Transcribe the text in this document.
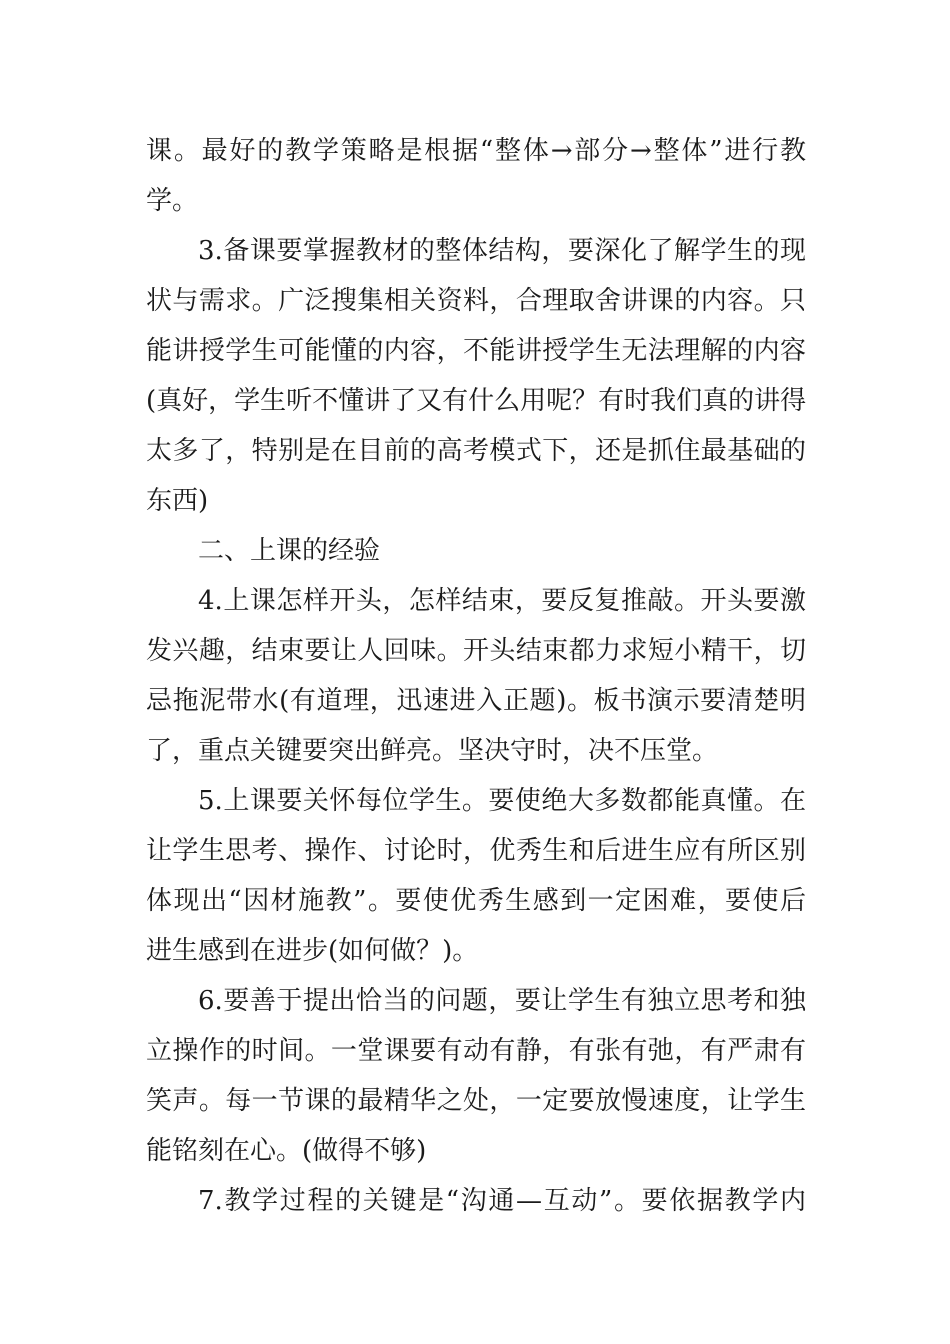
课。最好的教学策略是根据“整体→部分→整体”进行教
学。
3.备课要掌握教材的整体结构，要深化了解学生的现
状与需求。广泛搜集相关资料，合理取舍讲课的内容。只
能讲授学生可能懂的内容，不能讲授学生无法理解的内容
(真好，学生听不懂讲了又有什么用呢？有时我们真的讲得
太多了，特别是在目前的高考模式下，还是抓住最基础的
东西)
二、上课的经验
4.上课怎样开头，怎样结束，要反复推敲。开头要激
发兴趣，结束要让人回味。开头结束都力求短小精干，切
忌拖泥带水(有道理，迅速进入正题)。板书演示要清楚明
了，重点关键要突出鲜亮。坚决守时，决不压堂。
5.上课要关怀每位学生。要使绝大多数都能真懂。在
让学生思考、操作、讨论时，优秀生和后进生应有所区别
体现出“因材施教”。要使优秀生感到一定困难，要使后
进生感到在进步(如何做？)。
6.要善于提出恰当的问题，要让学生有独立思考和独
立操作的时间。一堂课要有动有静，有张有弛，有严肃有
笑声。每一节课的最精华之处，一定要放慢速度，让学生
能铭刻在心。(做得不够)
7.教学过程的关键是“沟通—互动”。要依据教学内
